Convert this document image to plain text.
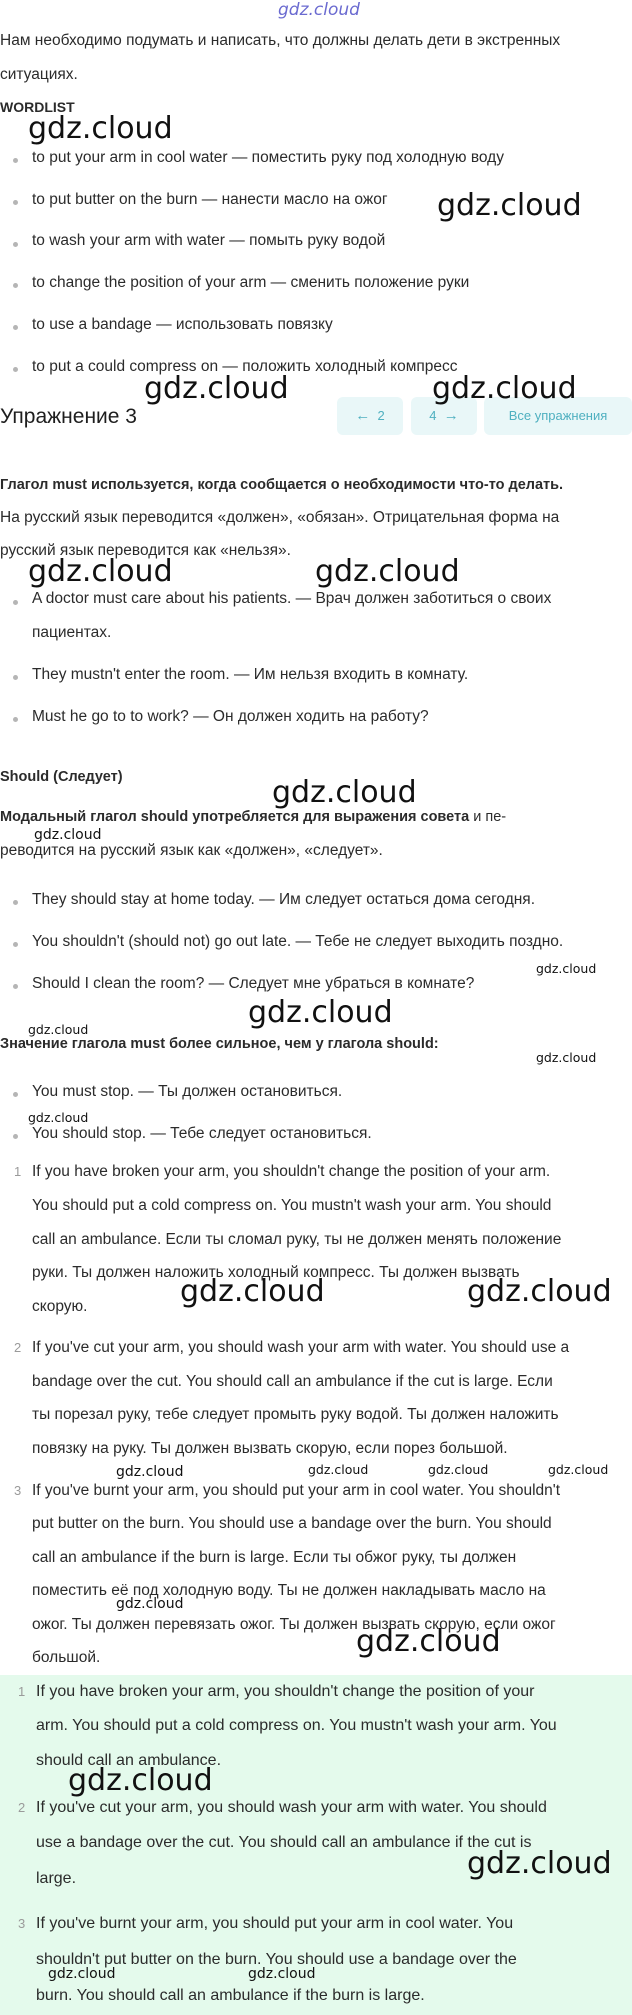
gdz.cloud
Нам необходимо подумать и написать, что должны делать дети в экстренных
ситуациях.
WORDLIST
to put your arm in cool water — поместить руку под холодную воду
to put butter on the burn — нанести масло на ожог
to wash your arm with water — помыть руку водой
to change the position of your arm — сменить положение руки
to use a bandage — использовать повязку
to put a could compress on — положить холодный компресс
Упражнение 3	← 2	4 →	Все упражнения
Глагол must используется, когда сообщается о необходимости что-то делать.
На русский язык переводится «должен», «обязан». Отрицательная форма на
русский язык переводится как «нельзя».
A doctor must care about his patients. — Врач должен заботиться о своих
пациентах.
They mustn't enter the room. — Им нельзя входить в комнату.
Must he go to to work? — Он должен ходить на работу?
Should (Следует)
Модальный глагол should употребляется для выражения совета и пе-
реводится на русский язык как «должен», «следует».
They should stay at home today. — Им следует остаться дома сегодня.
You shouldn't (should not) go out late. — Тебе не следует выходить поздно.
Should I clean the room? — Следует мне убраться в комнате?
Значение глагола must более сильное, чем у глагола should:
You must stop. — Ты должен остановиться.
You should stop. — Тебе следует остановиться.
1 If you have broken your arm, you shouldn't change the position of your arm.
You should put a cold compress on. You mustn't wash your arm. You should
call an ambulance. Если ты сломал руку, ты не должен менять положение
руки. Ты должен наложить холодный компресс. Ты должен вызвать
скорую.
2 If you've cut your arm, you should wash your arm with water. You should use a
bandage over the cut. You should call an ambulance if the cut is large. Если
ты порезал руку, тебе следует промыть руку водой. Ты должен наложить
повязку на руку. Ты должен вызвать скорую, если порез большой.
3 If you've burnt your arm, you should put your arm in cool water. You shouldn't
put butter on the burn. You should use a bandage over the burn. You should
call an ambulance if the burn is large. Если ты обжог руку, ты должен
поместить её под холодную воду. Ты не должен накладывать масло на
ожог. Ты должен перевязать ожог. Ты должен вызвать скорую, если ожог
большой.
1 If you have broken your arm, you shouldn't change the position of your
arm. You should put a cold compress on. You mustn't wash your arm. You
should call an ambulance.
2 If you've cut your arm, you should wash your arm with water. You should
use a bandage over the cut. You should call an ambulance if the cut is
large.
3 If you've burnt your arm, you should put your arm in cool water. You
shouldn't put butter on the burn. You should use a bandage over the
burn. You should call an ambulance if the burn is large.
gdz.cloud
gdz.cloud
gdz.cloud	gdz.cloud
gdz.cloud	gdz.cloud
gdz.cloud
gdz.cloud
gdz.cloud
gdz.cloud
gdz.cloud
gdz.cloud
gdz.cloud
gdz.cloud	gdz.cloud
gdz.cloud	gdz.cloud	gdz.cloud	gdz.cloud
gdz.cloud
gdz.cloud
gdz.cloud
gdz.cloud
gdz.cloud	gdz.cloud
